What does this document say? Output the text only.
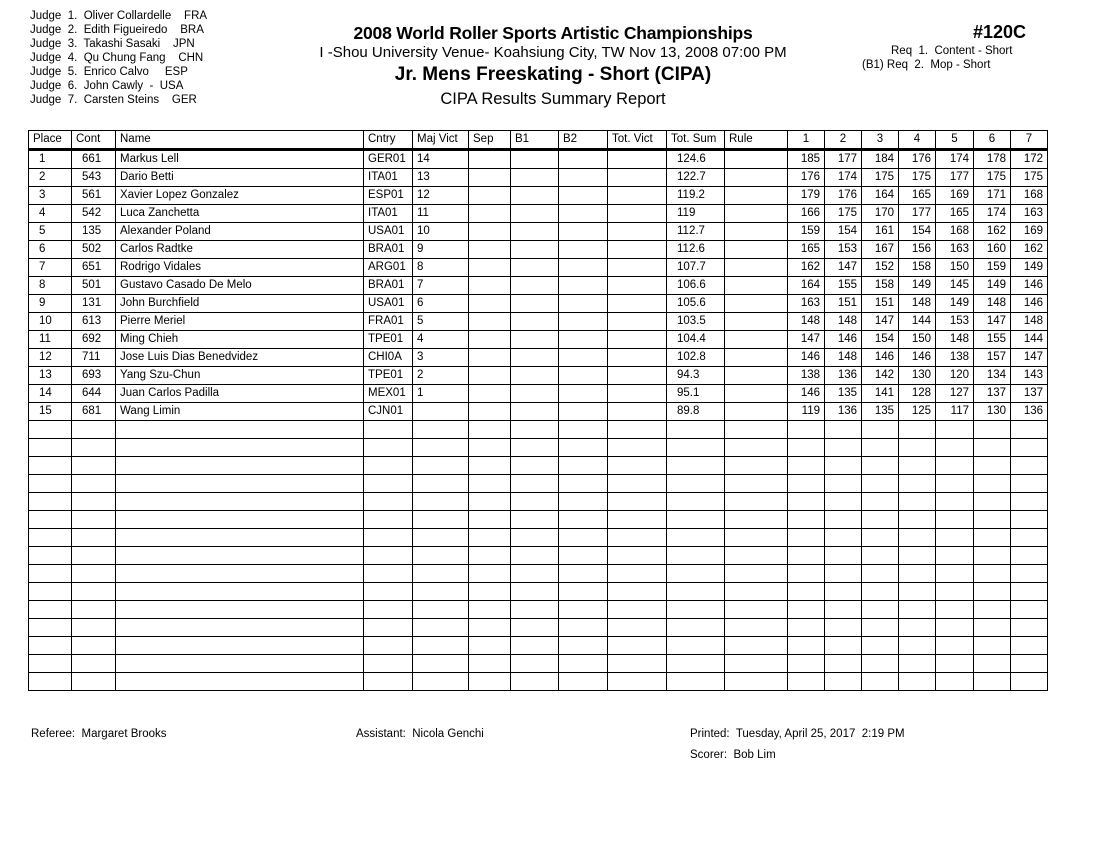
Judge  1.  Oliver Collardelle    FRA
Judge  2.  Edith Figueiredo    BRA
Judge  3.  Takashi Sasaki    JPN
Judge  4.  Qu Chung Fang    CHN
Judge  5.  Enrico Calvo     ESP
Judge  6.  John Cawly  -  USA
Judge  7.  Carsten Steins    GER
2008 World Roller Sports Artistic Championships
I -Shou University Venue- Koahsiung City, TW Nov 13, 2008 07:00 PM
Jr. Mens Freeskating - Short (CIPA)
CIPA Results Summary Report
#120C
Req  1.  Content - Short
(B1) Req  2.  Mop - Short
Place	Cont	Name	Cntry	Maj Vict	Sep	B1	B2	Tot. Vict	Tot. Sum	Rule	1	2	3	4	5	6	7
1	661	Markus Lell	GER01	14					124.6		185	177	184	176	174	178	172
2	543	Dario Betti	ITA01	13					122.7		176	174	175	175	177	175	175
3	561	Xavier Lopez Gonzalez	ESP01	12					119.2		179	176	164	165	169	171	168
4	542	Luca Zanchetta	ITA01	11					119		166	175	170	177	165	174	163
5	135	Alexander Poland	USA01	10					112.7		159	154	161	154	168	162	169
6	502	Carlos Radtke	BRA01	9					112.6		165	153	167	156	163	160	162
7	651	Rodrigo Vidales	ARG01	8					107.7		162	147	152	158	150	159	149
8	501	Gustavo Casado De Melo	BRA01	7					106.6		164	155	158	149	145	149	146
9	131	John Burchfield	USA01	6					105.6		163	151	151	148	149	148	146
10	613	Pierre Meriel	FRA01	5					103.5		148	148	147	144	153	147	148
11	692	Ming Chieh	TPE01	4					104.4		147	146	154	150	148	155	144
12	711	Jose Luis Dias Benedvidez	CHI0A	3					102.8		146	148	146	146	138	157	147
13	693	Yang Szu-Chun	TPE01	2					94.3		138	136	142	130	120	134	143
14	644	Juan Carlos Padilla	MEX01	1					95.1		146	135	141	128	127	137	137
15	681	Wang Limin	CJN01						89.8		119	136	135	125	117	130	136

Referee:  Margaret Brooks	Assistant:  Nicola Genchi	Printed:  Tuesday, April 25, 2017  2:19 PM
Scorer:  Bob Lim
